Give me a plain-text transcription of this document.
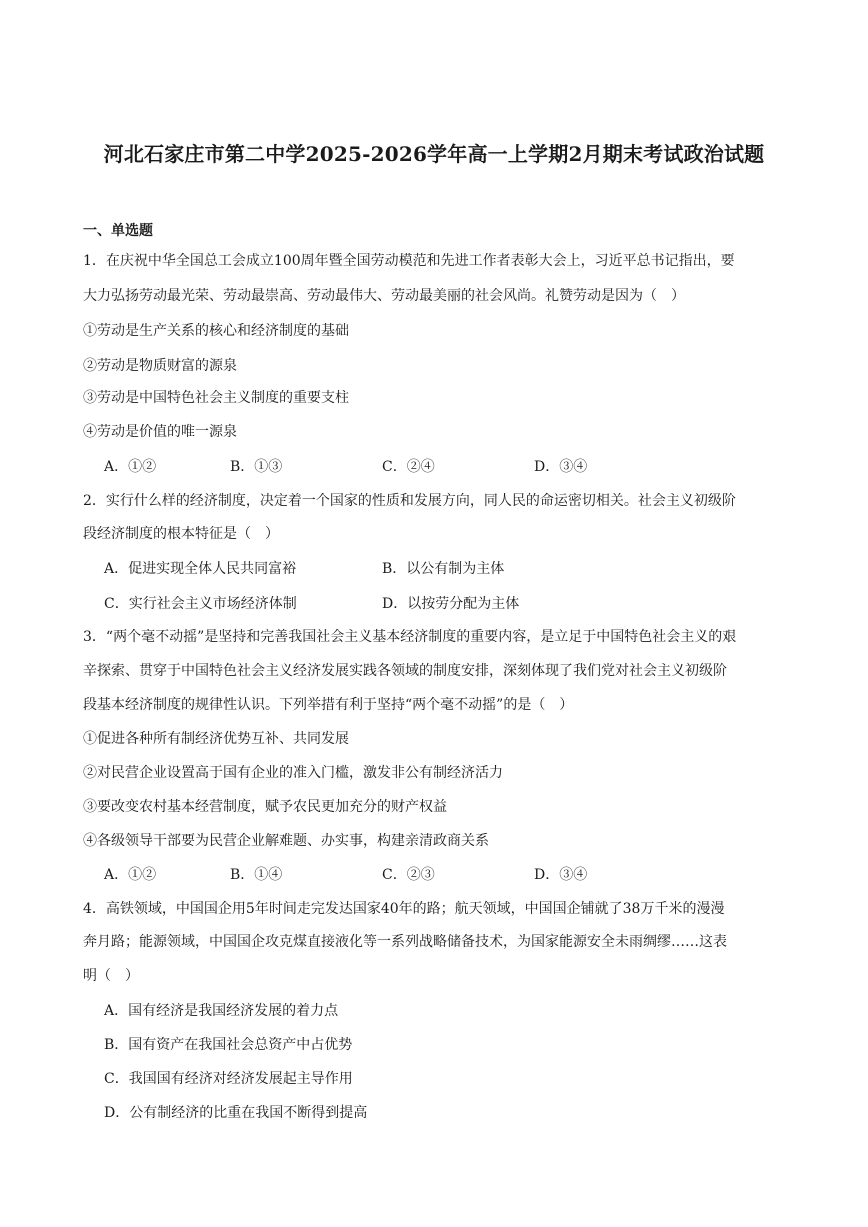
河北石家庄市第二中学2025-2026学年高一上学期2月期末考试政治试题
一、单选题
1．在庆祝中华全国总工会成立100周年暨全国劳动模范和先进工作者表彰大会上，习近平总书记指出，要
大力弘扬劳动最光荣、劳动最崇高、劳动最伟大、劳动最美丽的社会风尚。礼赞劳动是因为（　）
①劳动是生产关系的核心和经济制度的基础
②劳动是物质财富的源泉
③劳动是中国特色社会主义制度的重要支柱
④劳动是价值的唯一源泉
A．①②	B．①③	C．②④	D．③④
2．实行什么样的经济制度，决定着一个国家的性质和发展方向，同人民的命运密切相关。社会主义初级阶
段经济制度的根本特征是（　）
A．促进实现全体人民共同富裕	B．以公有制为主体
C．实行社会主义市场经济体制	D．以按劳分配为主体
3．“两个毫不动摇”是坚持和完善我国社会主义基本经济制度的重要内容，是立足于中国特色社会主义的艰
辛探索、贯穿于中国特色社会主义经济发展实践各领域的制度安排，深刻体现了我们党对社会主义初级阶
段基本经济制度的规律性认识。下列举措有利于坚持“两个毫不动摇”的是（　）
①促进各种所有制经济优势互补、共同发展
②对民营企业设置高于国有企业的准入门槛，激发非公有制经济活力
③要改变农村基本经营制度，赋予农民更加充分的财产权益
④各级领导干部要为民营企业解难题、办实事，构建亲清政商关系
A．①②	B．①④	C．②③	D．③④
4．高铁领域，中国国企用5年时间走完发达国家40年的路；航天领域，中国国企铺就了38万千米的漫漫
奔月路；能源领域，中国国企攻克煤直接液化等一系列战略储备技术，为国家能源安全未雨绸缪……这表
明（　）
A．国有经济是我国经济发展的着力点
B．国有资产在我国社会总资产中占优势
C．我国国有经济对经济发展起主导作用
D．公有制经济的比重在我国不断得到提高
